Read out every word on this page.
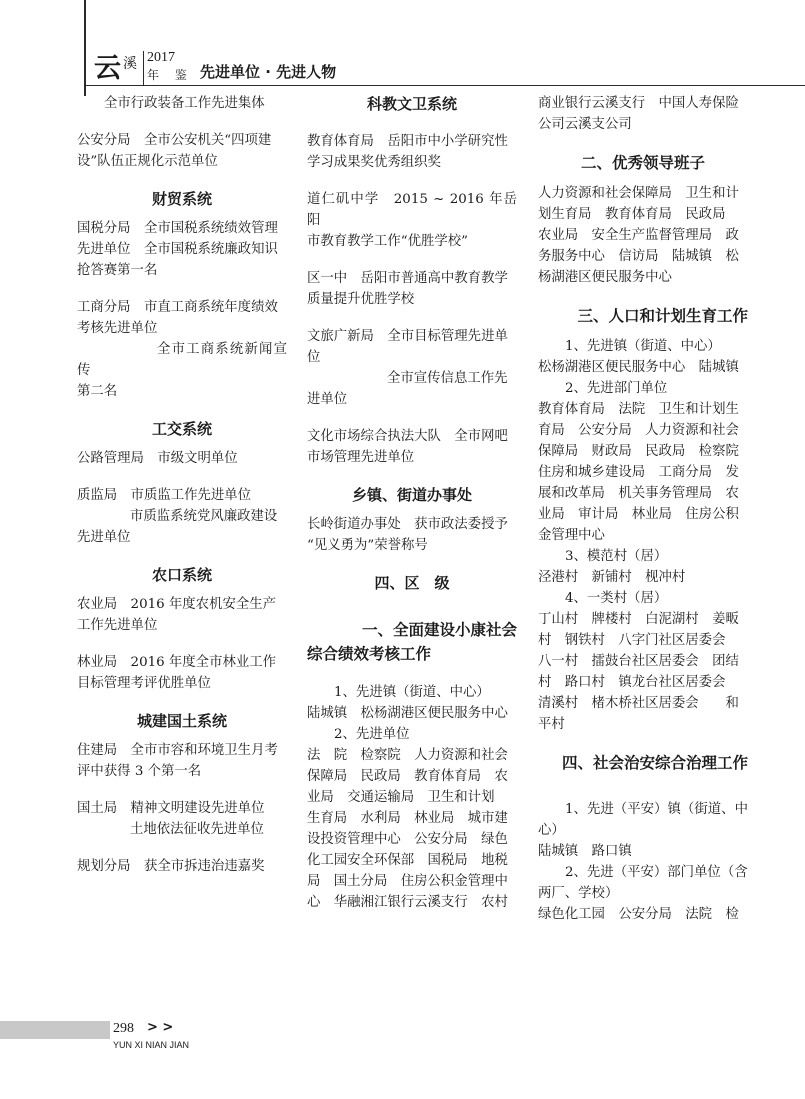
云 溪 2017
年 鉴 先进单位 · 先进人物

全市行政装备工作先进集体

公安分局　全市公安机关“四项建

设”队伍正规化示范单位

财贸系统

国税分局　全市国税系统绩效管理

先进单位　全市国税系统廉政知识

抢答赛第一名

工商分局　市直工商系统年度绩效

考核先进单位

全市工商系统新闻宣传

第二名

工交系统

公路管理局　市级文明单位

质监局　市质监工作先进单位

市质监系统党风廉政建设

先进单位

农口系统

农业局　2016 年度农机安全生产

工作先进单位

林业局　2016 年度全市林业工作

目标管理考评优胜单位

城建国土系统

住建局　全市市容和环境卫生月考

评中获得 3 个第一名

国土局　精神文明建设先进单位

土地依法征收先进单位

规划分局　获全市拆违治违嘉奖

科教文卫系统

教育体育局　岳阳市中小学研究性

学习成果奖优秀组织奖

道仁矶中学　2015 ~ 2016 年岳阳

市教育教学工作“优胜学校”

区一中　岳阳市普通高中教育教学

质量提升优胜学校

文旅广新局　全市目标管理先进单

位

全市宣传信息工作先

进单位

文化市场综合执法大队　全市网吧

市场管理先进单位

乡镇、街道办事处

长岭街道办事处　获市政法委授予

“见义勇为”荣誉称号

四、区　级
一、全面建设小康社会
综合绩效考核工作

1、先进镇（街道、中心）

陆城镇　松杨湖港区便民服务中心

2、先进单位

法　院　检察院　人力资源和社会

保障局　民政局　教育体育局　农

业局　交通运输局　卫生和计划

生育局　水利局　林业局　城市建

设投资管理中心　公安分局　绿色

化工园安全环保部　国税局　地税

局　国土分局　住房公积金管理中

心　华融湘江银行云溪支行　农村

商业银行云溪支行　中国人寿保险

公司云溪支公司

二、优秀领导班子

人力资源和社会保障局　卫生和计

划生育局　教育体育局　民政局

农业局　安全生产监督管理局　政

务服务中心　信访局　陆城镇　松

杨湖港区便民服务中心

三、人口和计划生育工作

1、先进镇（街道、中心）

松杨湖港区便民服务中心　陆城镇

2、先进部门单位

教育体育局　法院　卫生和计划生

育局　公安分局　人力资源和社会

保障局　财政局　民政局　检察院

住房和城乡建设局　工商分局　发

展和改革局　机关事务管理局　农

业局　审计局　林业局　住房公积

金管理中心

3、模范村（居）

泾港村　新铺村　枧冲村

4、一类村（居）

丁山村　牌楼村　白泥湖村　姜畈

村　钢铁村　八字门社区居委会

八一村　擂鼓台社区居委会　团结

村　路口村　镇龙台社区居委会

清溪村　楮木桥社区居委会　　和

平村

四、社会治安综合治理工作

1、先进（平安）镇（街道、中心）

陆城镇　路口镇

2、先进（平安）部门单位（含

两厂、学校）

绿色化工园　公安分局　法院　检

298 > >
YUN XI NIAN JIAN
